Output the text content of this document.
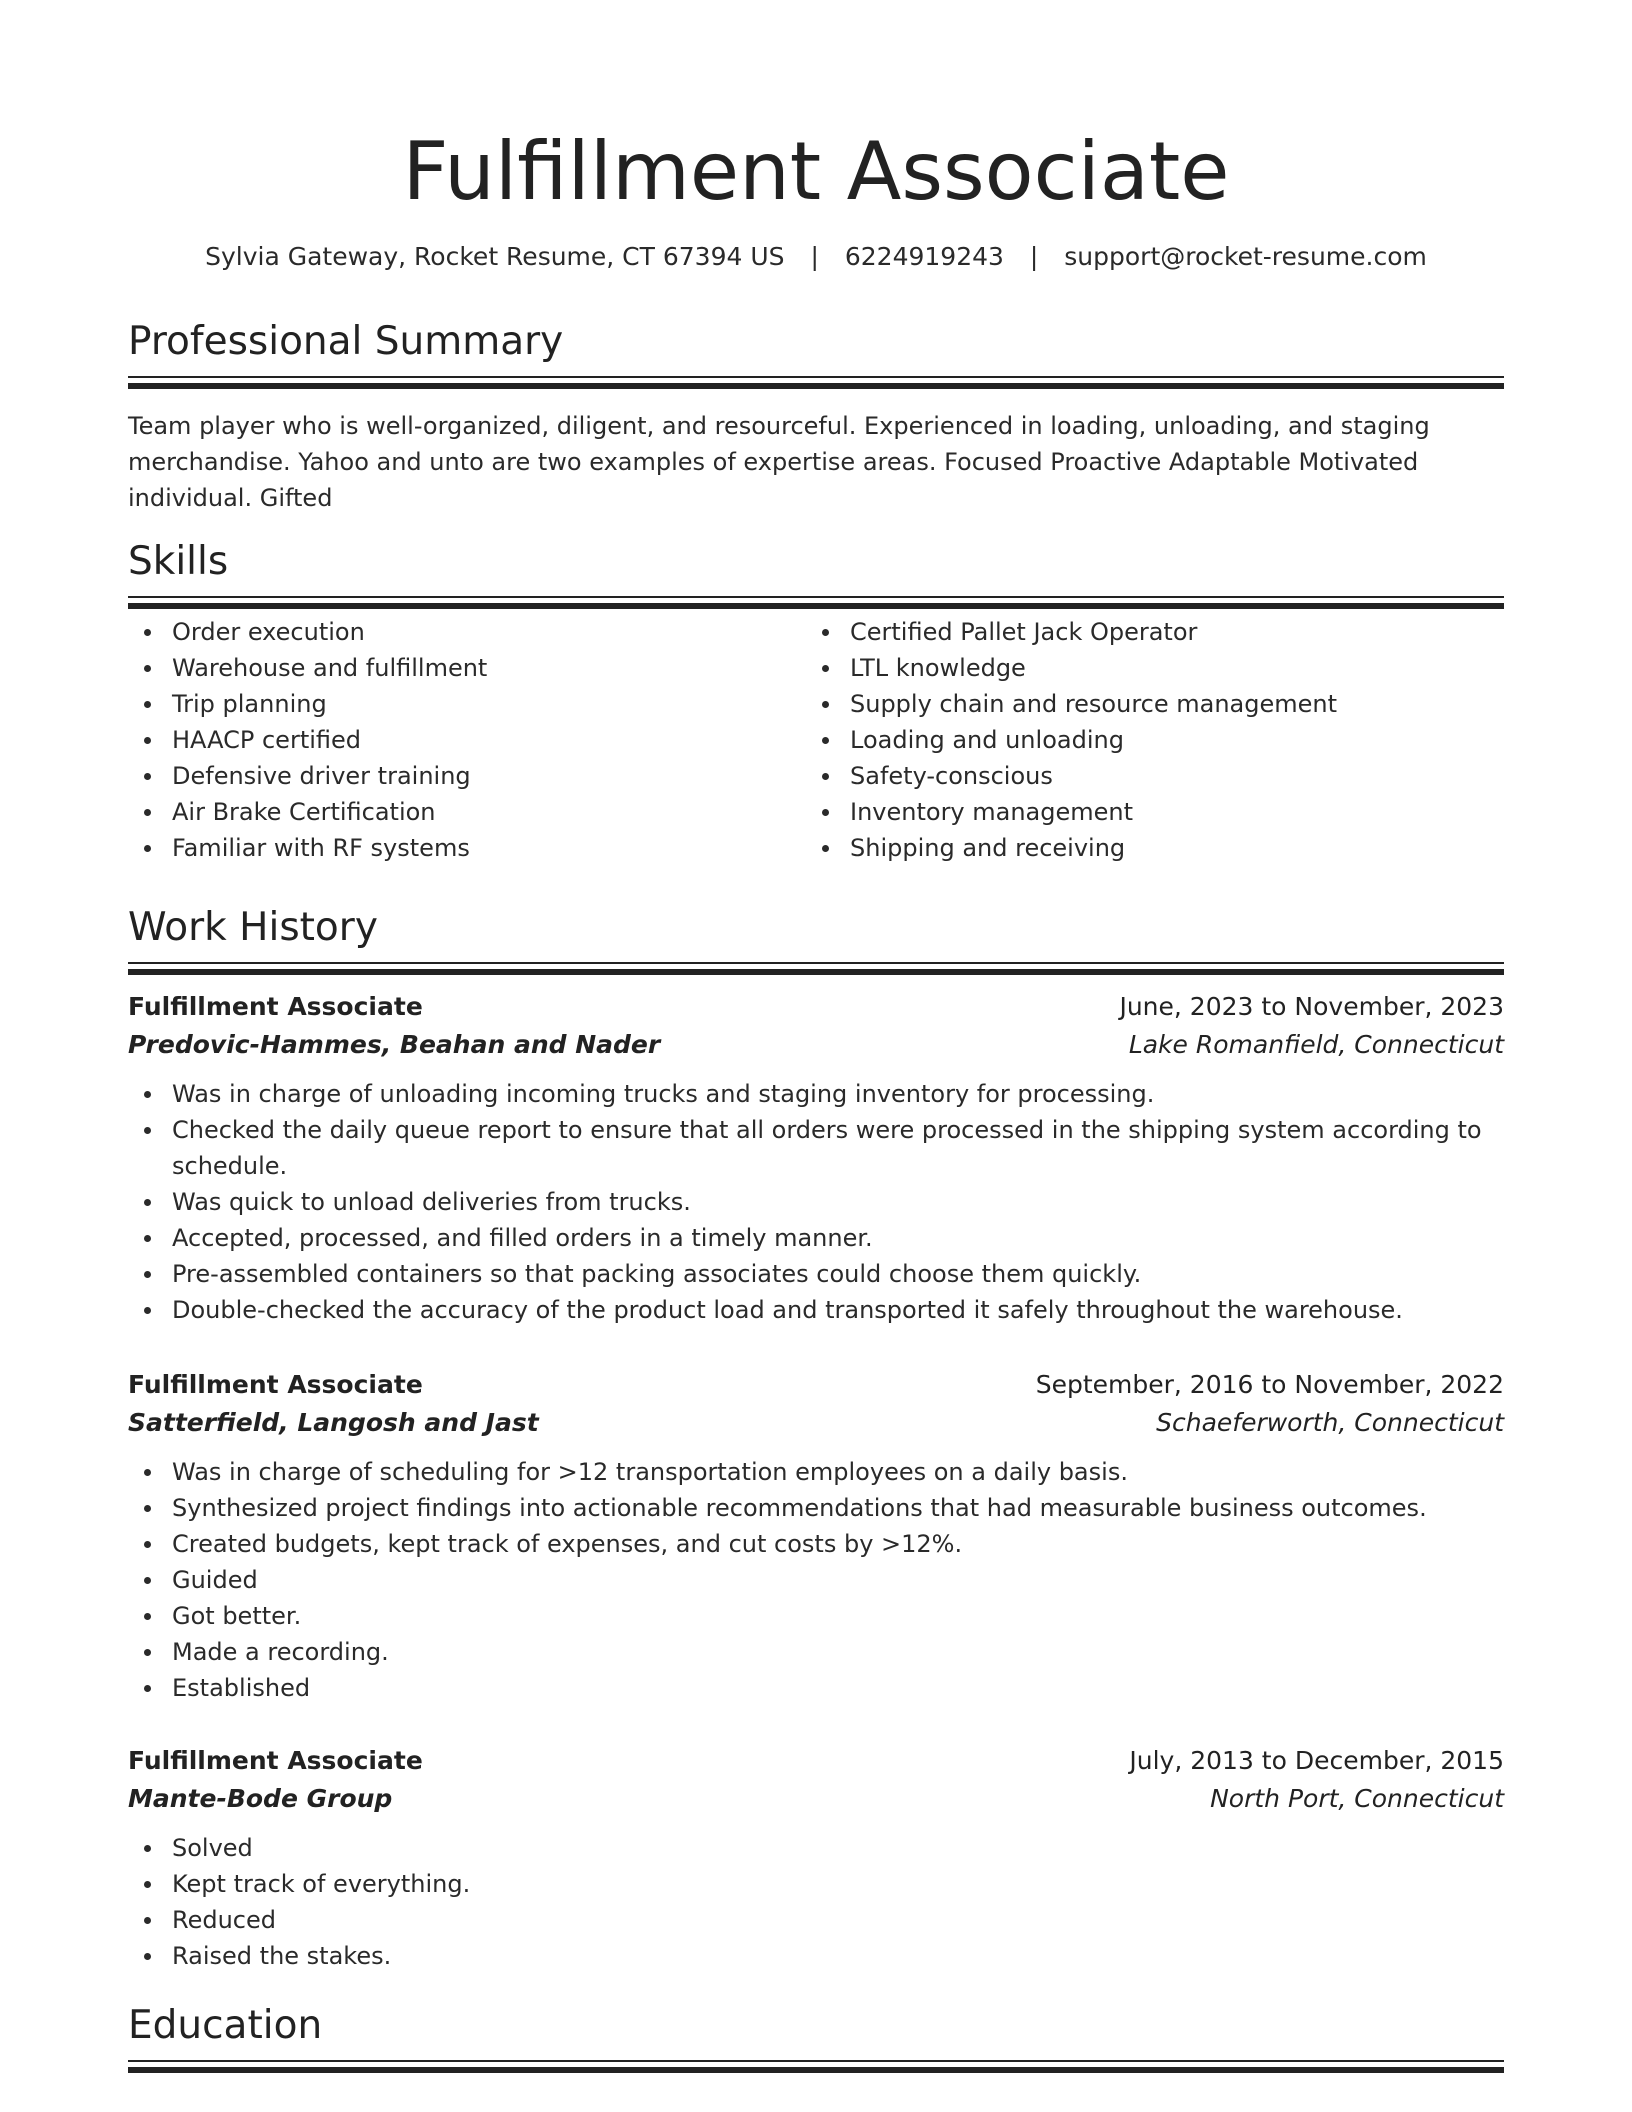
Fulfillment Associate
Sylvia Gateway, Rocket Resume, CT 67394 US | 6224919243 | support@rocket-resume.com
Professional Summary

Team player who is well-organized, diligent, and resourceful. Experienced in loading, unloading, and staging merchandise. Yahoo and unto are two examples of expertise areas. Focused Proactive Adaptable Motivated individual. Gifted

Skills
Order execution
Warehouse and fulfillment
Trip planning
HAACP certified
Defensive driver training
Air Brake Certification
Familiar with RF systems
Certified Pallet Jack Operator
LTL knowledge
Supply chain and resource management
Loading and unloading
Safety-conscious
Inventory management
Shipping and receiving
Work History
Fulfillment Associate	June, 2023 to November, 2023
Predovic-Hammes, Beahan and Nader	Lake Romanfield, Connecticut
Was in charge of unloading incoming trucks and staging inventory for processing.
Checked the daily queue report to ensure that all orders were processed in the shipping system according to schedule.
Was quick to unload deliveries from trucks.
Accepted, processed, and filled orders in a timely manner.
Pre-assembled containers so that packing associates could choose them quickly.
Double-checked the accuracy of the product load and transported it safely throughout the warehouse.
Fulfillment Associate	September, 2016 to November, 2022
Satterfield, Langosh and Jast	Schaeferworth, Connecticut
Was in charge of scheduling for >12 transportation employees on a daily basis.
Synthesized project findings into actionable recommendations that had measurable business outcomes.
Created budgets, kept track of expenses, and cut costs by >12%.
Guided
Got better.
Made a recording.
Established
Fulfillment Associate	July, 2013 to December, 2015
Mante-Bode Group	North Port, Connecticut
Solved
Kept track of everything.
Reduced
Raised the stakes.
Education
